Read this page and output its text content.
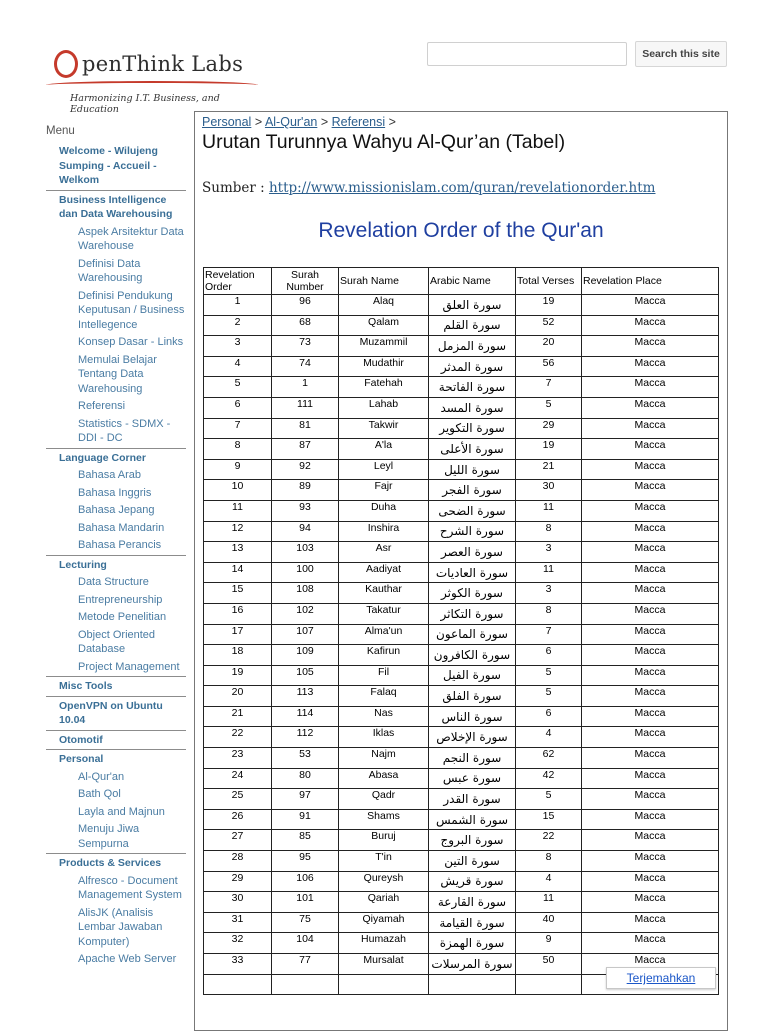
penThink Labs
Harmonizing I.T. Business, and Education
Search this site
Menu
Welcome - Wilujeng Sumping - Accueil - Welkom
Business Intelligence dan Data Warehousing
Aspek Arsitektur Data Warehouse
Definisi Data Warehousing
Definisi Pendukung Keputusan / Business Intellegence
Konsep Dasar - Links
Memulai Belajar Tentang Data Warehousing
Referensi
Statistics - SDMX - DDI - DC
Language Corner
Bahasa Arab
Bahasa Inggris
Bahasa Jepang
Bahasa Mandarin
Bahasa Perancis
Lecturing
Data Structure
Entrepreneurship
Metode Penelitian
Object Oriented Database
Project Management
Misc Tools
OpenVPN on Ubuntu 10.04
Otomotif
Personal
Al-Qur'an
Bath Qol
Layla and Majnun
Menuju Jiwa Sempurna
Products & Services
Alfresco - Document Management System
AlisJK (Analisis Lembar Jawaban Komputer)
Apache Web Server
Personal > Al-Qur'an > Referensi >
Urutan Turunnya Wahyu Al-Qur’an (Tabel)
Sumber : http://www.missionislam.com/quran/revelationorder.htm
Revelation Order of the Qur'an
Revelation Order	Surah Number	Surah Name	Arabic Name	Total Verses	Revelation Place
1	96	Alaq	سورة العلق	19	Macca
2	68	Qalam	سورة القلم	52	Macca
3	73	Muzammil	سورة المزمل	20	Macca
4	74	Mudathir	سورة المدثر	56	Macca
5	1	Fatehah	سورة الفاتحة	7	Macca
6	111	Lahab	سورة المسد	5	Macca
7	81	Takwir	سورة التكوير	29	Macca
8	87	A'la	سورة الأعلى	19	Macca
9	92	Leyl	سورة الليل	21	Macca
10	89	Fajr	سورة الفجر	30	Macca
11	93	Duha	سورة الضحى	11	Macca
12	94	Inshira	سورة الشرح	8	Macca
13	103	Asr	سورة العصر	3	Macca
14	100	Aadiyat	سورة العاديات	11	Macca
15	108	Kauthar	سورة الكوثر	3	Macca
16	102	Takatur	سورة التكاثر	8	Macca
17	107	Alma'un	سورة الماعون	7	Macca
18	109	Kafirun	سورة الكافرون	6	Macca
19	105	Fil	سورة الفيل	5	Macca
20	113	Falaq	سورة الفلق	5	Macca
21	114	Nas	سورة الناس	6	Macca
22	112	Iklas	سورة الإخلاص	4	Macca
23	53	Najm	سورة النجم	62	Macca
24	80	Abasa	سورة عبس	42	Macca
25	97	Qadr	سورة القدر	5	Macca
26	91	Shams	سورة الشمس	15	Macca
27	85	Buruj	سورة البروج	22	Macca
28	95	T'in	سورة التين	8	Macca
29	106	Qureysh	سورة قريش	4	Macca
30	101	Qariah	سورة القارعة	11	Macca
31	75	Qiyamah	سورة القيامة	40	Macca
32	104	Humazah	سورة الهمزة	9	Macca
33	77	Mursalat	سورة المرسلات	50	Macca

Terjemahkan
